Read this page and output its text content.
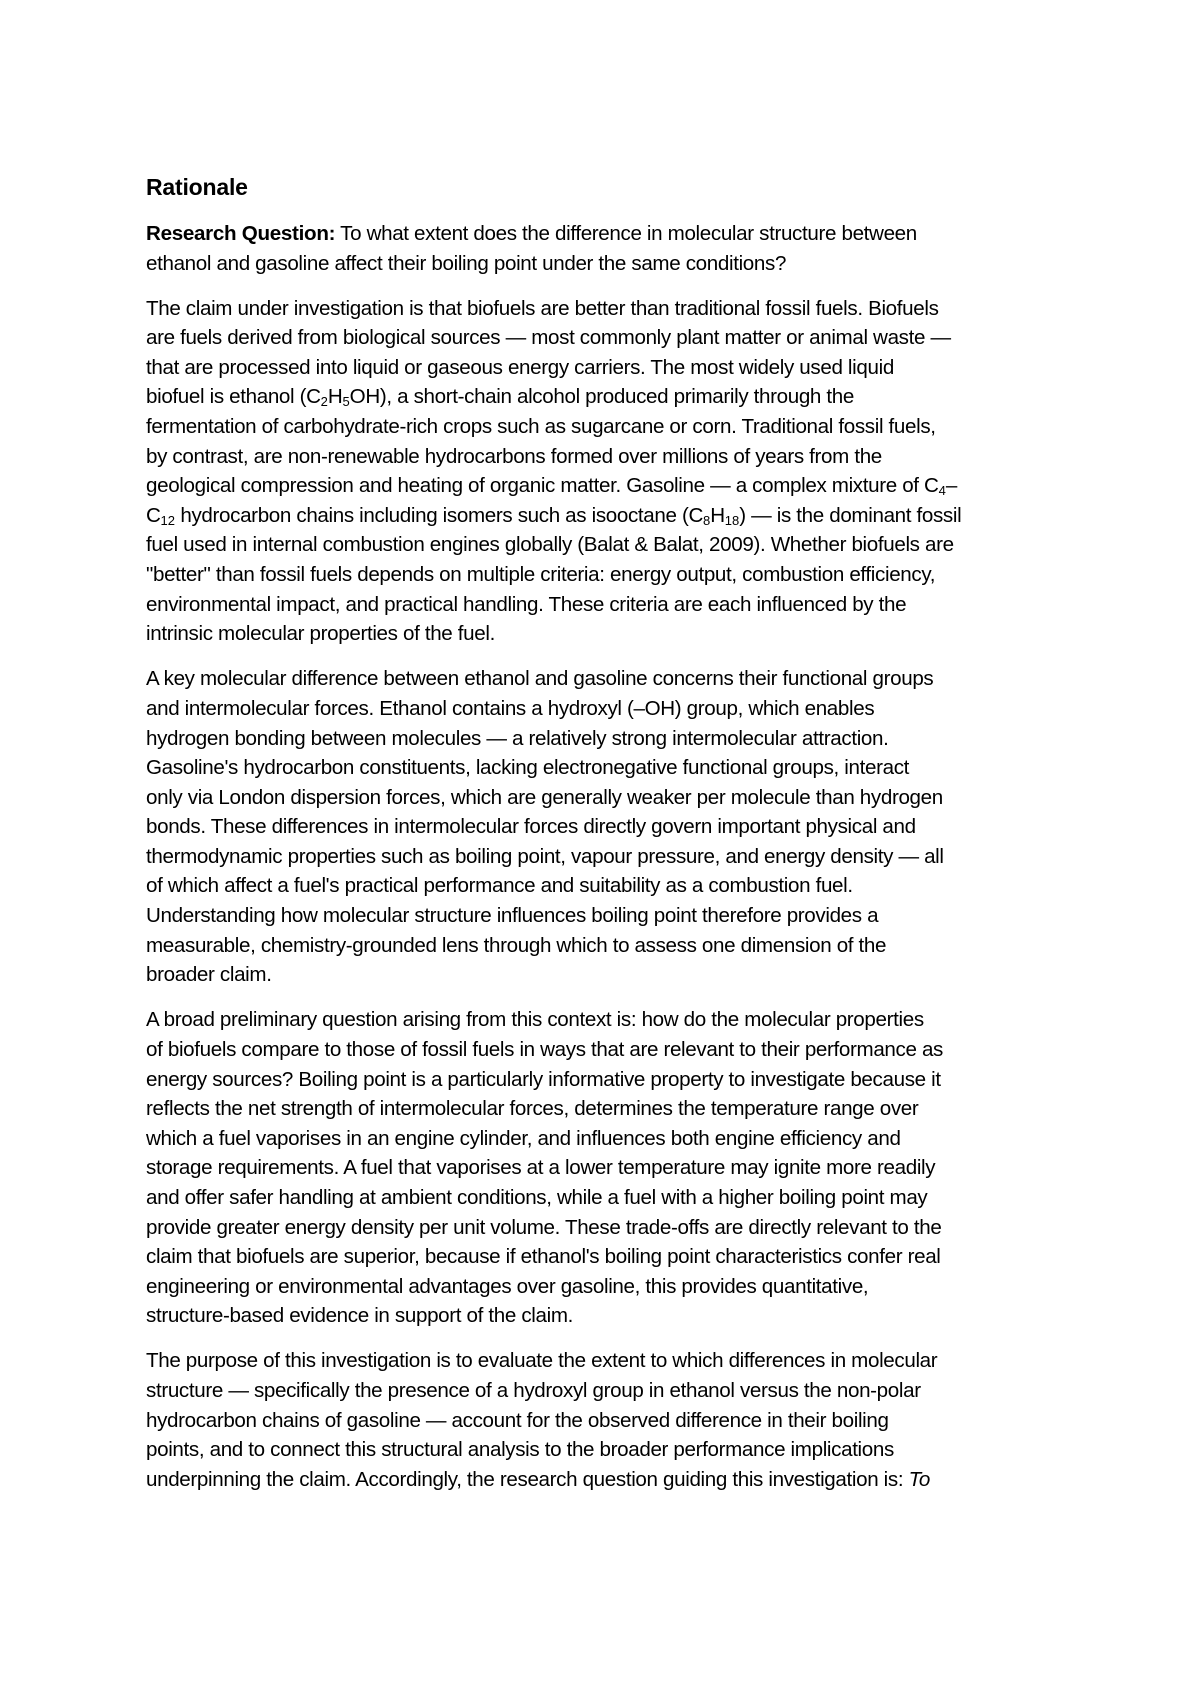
Rationale
Research Question: To what extent does the difference in molecular structure between
ethanol and gasoline affect their boiling point under the same conditions?
The claim under investigation is that biofuels are better than traditional fossil fuels. Biofuels
are fuels derived from biological sources — most commonly plant matter or animal waste —
that are processed into liquid or gaseous energy carriers. The most widely used liquid
biofuel is ethanol $(C_2H_5OH)$, a short-chain alcohol produced primarily through the
fermentation of carbohydrate-rich crops such as sugarcane or corn. Traditional fossil fuels,
by contrast, are non-renewable hydrocarbons formed over millions of years from the
geological compression and heating of organic matter. Gasoline — a complex mixture of $C_4-$
$C_{12}$ hydrocarbon chains including isomers such as isooctane $(C_8H_{18})$ — is the dominant fossil
fuel used in internal combustion engines globally (Balat & Balat, 2009). Whether biofuels are
"better" than fossil fuels depends on multiple criteria: energy output, combustion efficiency,
environmental impact, and practical handling. These criteria are each influenced by the
intrinsic molecular properties of the fuel.
A key molecular difference between ethanol and gasoline concerns their functional groups
and intermolecular forces. Ethanol contains a hydroxyl (–OH) group, which enables
hydrogen bonding between molecules — a relatively strong intermolecular attraction.
Gasoline's hydrocarbon constituents, lacking electronegative functional groups, interact
only via London dispersion forces, which are generally weaker per molecule than hydrogen
bonds. These differences in intermolecular forces directly govern important physical and
thermodynamic properties such as boiling point, vapour pressure, and energy density — all
of which affect a fuel's practical performance and suitability as a combustion fuel.
Understanding how molecular structure influences boiling point therefore provides a
measurable, chemistry-grounded lens through which to assess one dimension of the
broader claim.
A broad preliminary question arising from this context is: how do the molecular properties
of biofuels compare to those of fossil fuels in ways that are relevant to their performance as
energy sources? Boiling point is a particularly informative property to investigate because it
reflects the net strength of intermolecular forces, determines the temperature range over
which a fuel vaporises in an engine cylinder, and influences both engine efficiency and
storage requirements. A fuel that vaporises at a lower temperature may ignite more readily
and offer safer handling at ambient conditions, while a fuel with a higher boiling point may
provide greater energy density per unit volume. These trade-offs are directly relevant to the
claim that biofuels are superior, because if ethanol's boiling point characteristics confer real
engineering or environmental advantages over gasoline, this provides quantitative,
structure-based evidence in support of the claim.
The purpose of this investigation is to evaluate the extent to which differences in molecular
structure — specifically the presence of a hydroxyl group in ethanol versus the non-polar
hydrocarbon chains of gasoline — account for the observed difference in their boiling
points, and to connect this structural analysis to the broader performance implications
underpinning the claim. Accordingly, the research question guiding this investigation is: To
